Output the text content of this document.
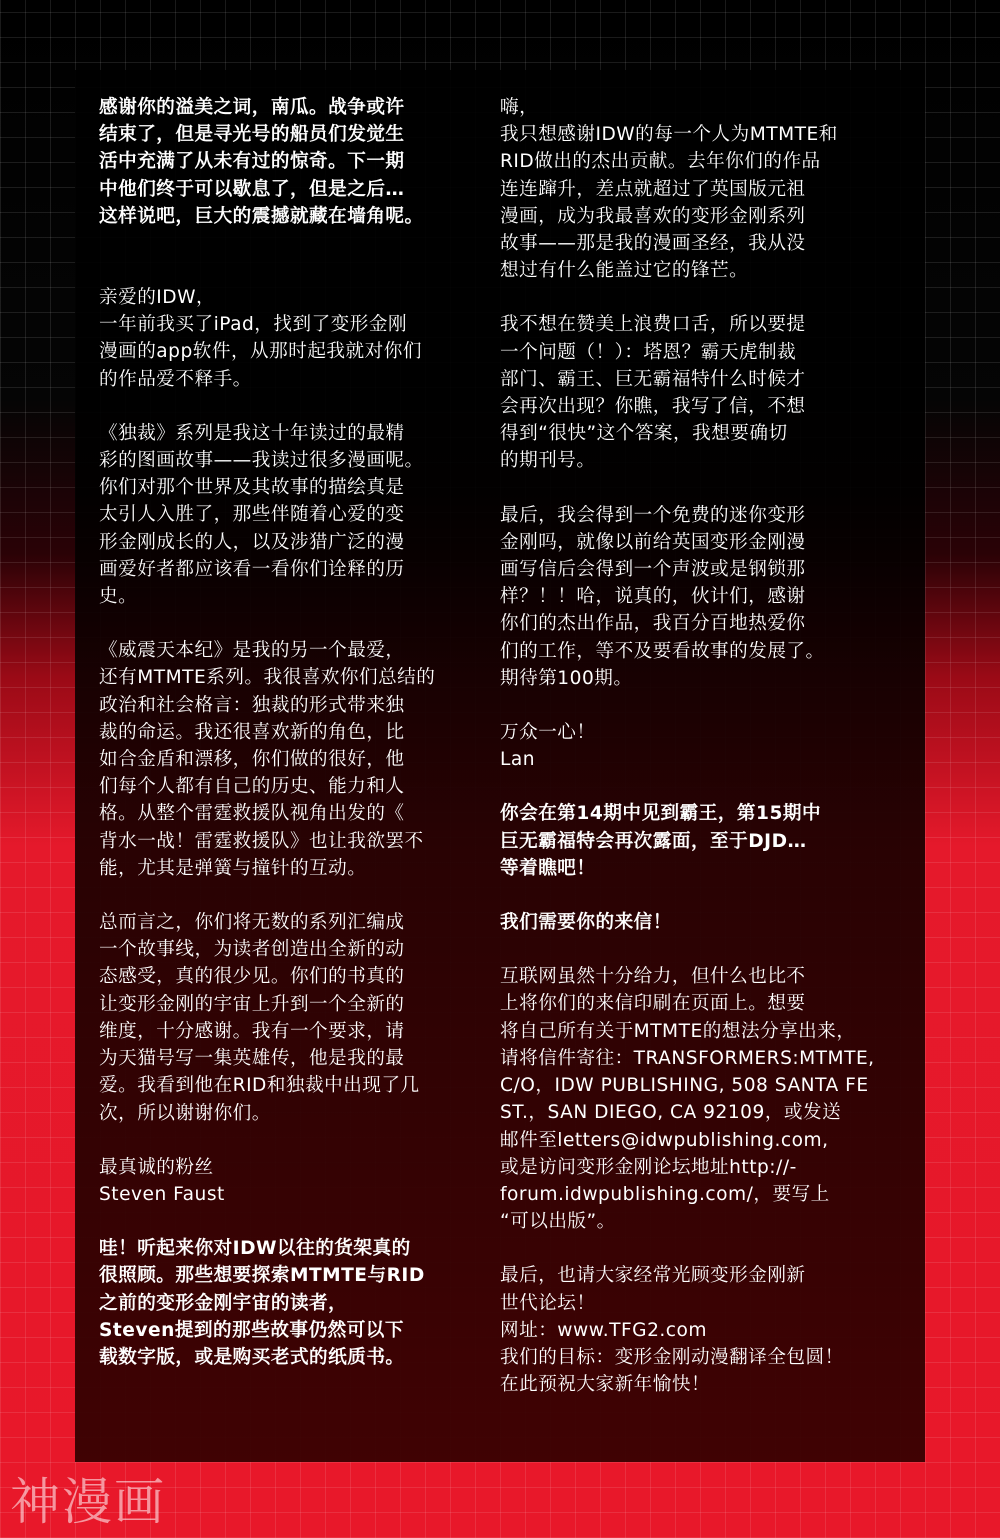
感谢你的溢美之词，南瓜。战争或许
结束了，但是寻光号的船员们发觉生
活中充满了从未有过的惊奇。下一期
中他们终于可以歇息了，但是之后…
这样说吧，巨大的震撼就藏在墙角呢。

亲爱的IDW，
一年前我买了iPad，找到了变形金刚
漫画的app软件，从那时起我就对你们
的作品爱不释手。

《独裁》系列是我这十年读过的最精
彩的图画故事——我读过很多漫画呢。
你们对那个世界及其故事的描绘真是
太引人入胜了，那些伴随着心爱的变
形金刚成长的人，以及涉猎广泛的漫
画爱好者都应该看一看你们诠释的历
史。

《威震天本纪》是我的另一个最爱，
还有MTMTE系列。我很喜欢你们总结的
政治和社会格言：独裁的形式带来独
裁的命运。我还很喜欢新的角色，比
如合金盾和漂移，你们做的很好，他
们每个人都有自己的历史、能力和人
格。从整个雷霆救援队视角出发的《
背水一战！雷霆救援队》也让我欲罢不
能，尤其是弹簧与撞针的互动。

总而言之，你们将无数的系列汇编成
一个故事线，为读者创造出全新的动
态感受，真的很少见。你们的书真的
让变形金刚的宇宙上升到一个全新的
维度，十分感谢。我有一个要求，请
为天猫号写一集英雄传，他是我的最
爱。我看到他在RID和独裁中出现了几
次，所以谢谢你们。

最真诚的粉丝
Steven Faust

哇！听起来你对IDW以往的货架真的
很照顾。那些想要探索MTMTE与RID
之前的变形金刚宇宙的读者，
Steven提到的那些故事仍然可以下
载数字版，或是购买老式的纸质书。

嗨，
我只想感谢IDW的每一个人为MTMTE和
RID做出的杰出贡献。去年你们的作品
连连蹿升，差点就超过了英国版元祖
漫画，成为我最喜欢的变形金刚系列
故事——那是我的漫画圣经，我从没
想过有什么能盖过它的锋芒。

我不想在赞美上浪费口舌，所以要提
一个问题（！）：塔恩？霸天虎制裁
部门、霸王、巨无霸福特什么时候才
会再次出现？你瞧，我写了信，不想
得到“很快”这个答案，我想要确切
的期刊号。

最后，我会得到一个免费的迷你变形
金刚吗，就像以前给英国变形金刚漫
画写信后会得到一个声波或是钢锁那
样？！！哈，说真的，伙计们，感谢
你们的杰出作品，我百分百地热爱你
们的工作，等不及要看故事的发展了。
期待第100期。

万众一心！
Lan

你会在第14期中见到霸王，第15期中
巨无霸福特会再次露面，至于DJD…
等着瞧吧！

我们需要你的来信！

互联网虽然十分给力，但什么也比不
上将你们的来信印刷在页面上。想要
将自己所有关于MTMTE的想法分享出来，
请将信件寄往：TRANSFORMERS:MTMTE,
C/O，IDW PUBLISHING, 508 SANTA FE
ST.，SAN DIEGO, CA 92109，或发送
邮件至letters@idwpublishing.com,
或是访问变形金刚论坛地址http://-
forum.idwpublishing.com/，要写上
“可以出版”。

最后，也请大家经常光顾变形金刚新
世代论坛！
网址：www.TFG2.com
我们的目标：变形金刚动漫翻译全包圆！
在此预祝大家新年愉快！

神漫画
